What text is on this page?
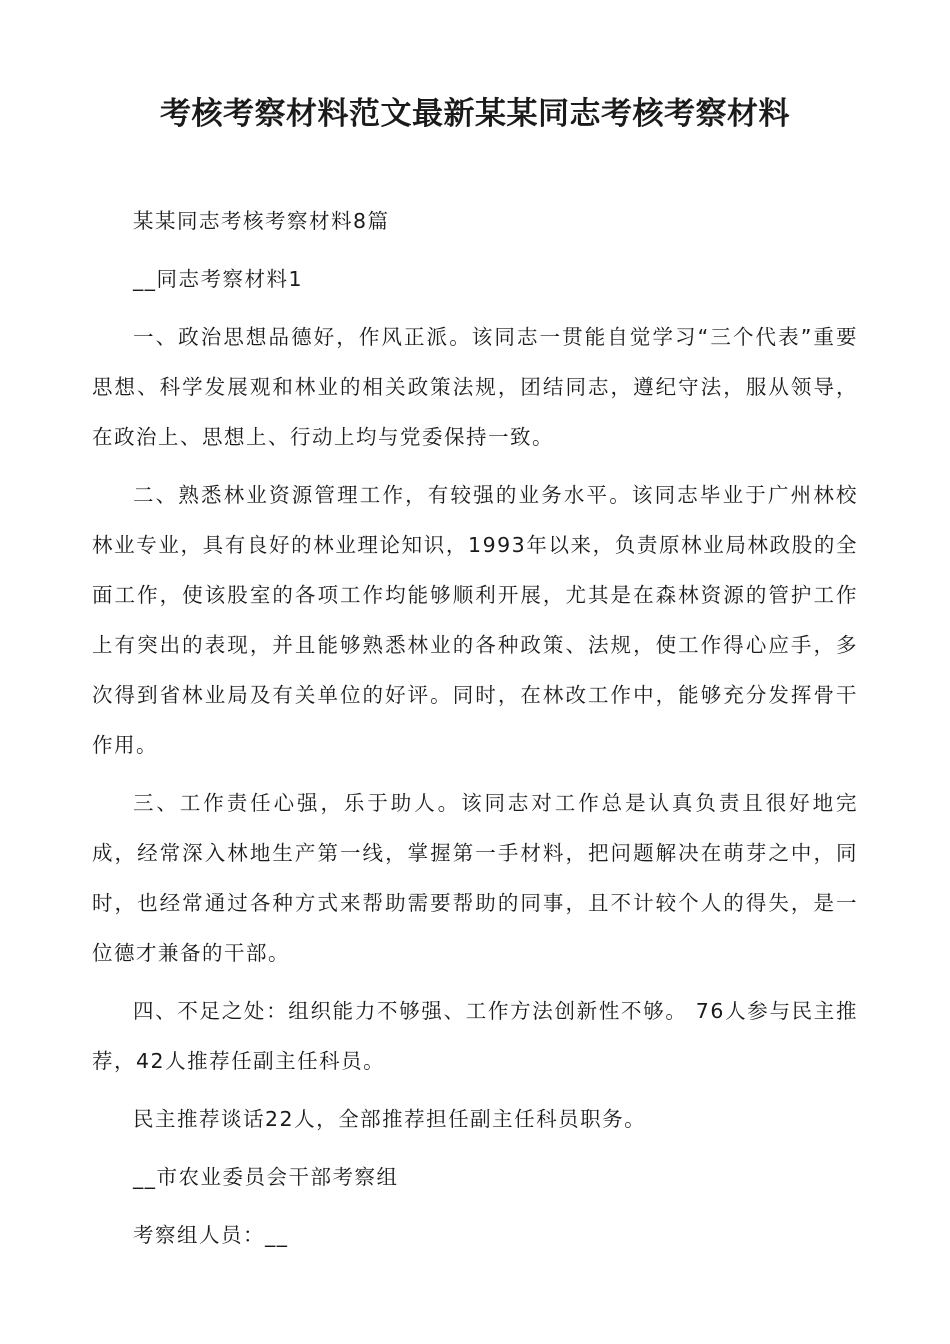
考核考察材料范文最新某某同志考核考察材料

某某同志考核考察材料8篇

__同志考察材料1

一、政治思想品德好，作风正派。该同志一贯能自觉学习“三个代表”重要思想、科学发展观和林业的相关政策法规，团结同志，遵纪守法，服从领导，在政治上、思想上、行动上均与党委保持一致。

二、熟悉林业资源管理工作，有较强的业务水平。该同志毕业于广州林校林业专业，具有良好的林业理论知识，1993年以来，负责原林业局林政股的全面工作，使该股室的各项工作均能够顺利开展，尤其是在森林资源的管护工作上有突出的表现，并且能够熟悉林业的各种政策、法规，使工作得心应手，多次得到省林业局及有关单位的好评。同时，在林改工作中，能够充分发挥骨干作用。

三、工作责任心强，乐于助人。该同志对工作总是认真负责且很好地完成，经常深入林地生产第一线，掌握第一手材料，把问题解决在萌芽之中，同时，也经常通过各种方式来帮助需要帮助的同事，且不计较个人的得失，是一位德才兼备的干部。

四、不足之处：组织能力不够强、工作方法创新性不够。 76人参与民主推荐，42人推荐任副主任科员。

民主推荐谈话22人，全部推荐担任副主任科员职务。

__市农业委员会干部考察组

考察组人员：__
